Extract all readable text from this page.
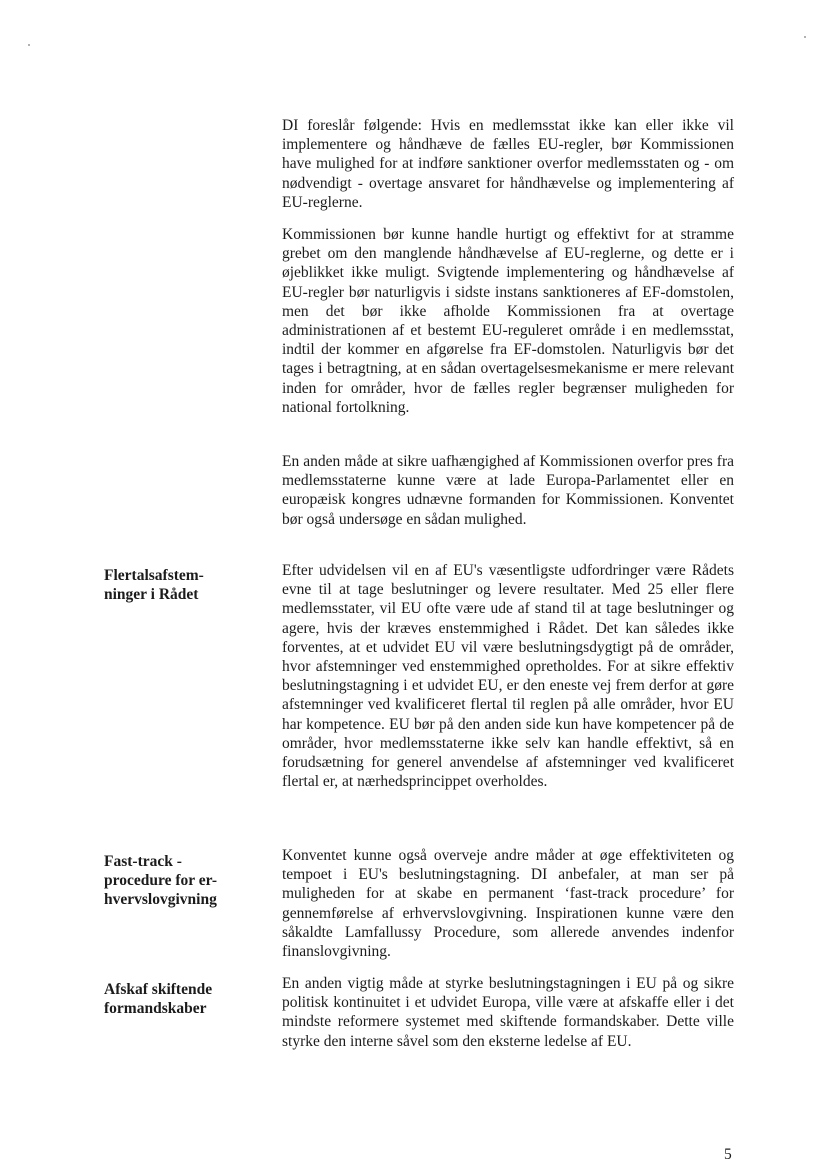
DI foreslår følgende: Hvis en medlemsstat ikke kan eller ikke vil implementere og håndhæve de fælles EU-regler, bør Kommissionen have mulighed for at indføre sanktioner overfor medlemsstaten og - om nødvendigt - overtage ansvaret for håndhævelse og implementering af EU-reglerne.

Kommissionen bør kunne handle hurtigt og effektivt for at stramme grebet om den manglende håndhævelse af EU-reglerne, og dette er i øjeblikket ikke muligt. Svigtende implementering og håndhævelse af EU-regler bør naturligvis i sidste instans sanktioneres af EF-domstolen, men det bør ikke afholde Kommissionen fra at overtage administrationen af et bestemt EU-reguleret område i en medlemsstat, indtil der kommer en afgørelse fra EF-domstolen. Naturligvis bør det tages i betragtning, at en sådan overtagelsesmekanisme er mere relevant inden for områder, hvor de fælles regler begrænser muligheden for national fortolkning.

En anden måde at sikre uafhængighed af Kommissionen overfor pres fra medlemsstaterne kunne være at lade Europa-Parlamentet eller en europæisk kongres udnævne formanden for Kommissionen. Konventet bør også undersøge en sådan mulighed.

Flertalsafstem-
ninger i Rådet

Efter udvidelsen vil en af EU's væsentligste udfordringer være Rådets evne til at tage beslutninger og levere resultater. Med 25 eller flere medlemsstater, vil EU ofte være ude af stand til at tage beslutninger og agere, hvis der kræves enstemmighed i Rådet. Det kan således ikke forventes, at et udvidet EU vil være beslutningsdygtigt på de områder, hvor afstemninger ved enstemmighed opretholdes. For at sikre effektiv beslutningstagning i et udvidet EU, er den eneste vej frem derfor at gøre afstemninger ved kvalificeret flertal til reglen på alle områder, hvor EU har kompetence. EU bør på den anden side kun have kompetencer på de områder, hvor medlemsstaterne ikke selv kan handle effektivt, så en forudsætning for generel anvendelse af afstemninger ved kvalificeret flertal er, at nærhedsprincippet overholdes.

Fast-track -
procedure for er-
hvervslovgivning

Konventet kunne også overveje andre måder at øge effektiviteten og tempoet i EU's beslutningstagning. DI anbefaler, at man ser på muligheden for at skabe en permanent ‘fast-track procedure’ for gennemførelse af erhvervslovgivning. Inspirationen kunne være den såkaldte Lamfallussy Procedure, som allerede anvendes indenfor finanslovgivning.

Afskaf skiftende
formandskaber

En anden vigtig måde at styrke beslutningstagningen i EU på og sikre politisk kontinuitet i et udvidet Europa, ville være at afskaffe eller i det mindste reformere systemet med skiftende formandskaber. Dette ville styrke den interne såvel som den eksterne ledelse af EU.

5
